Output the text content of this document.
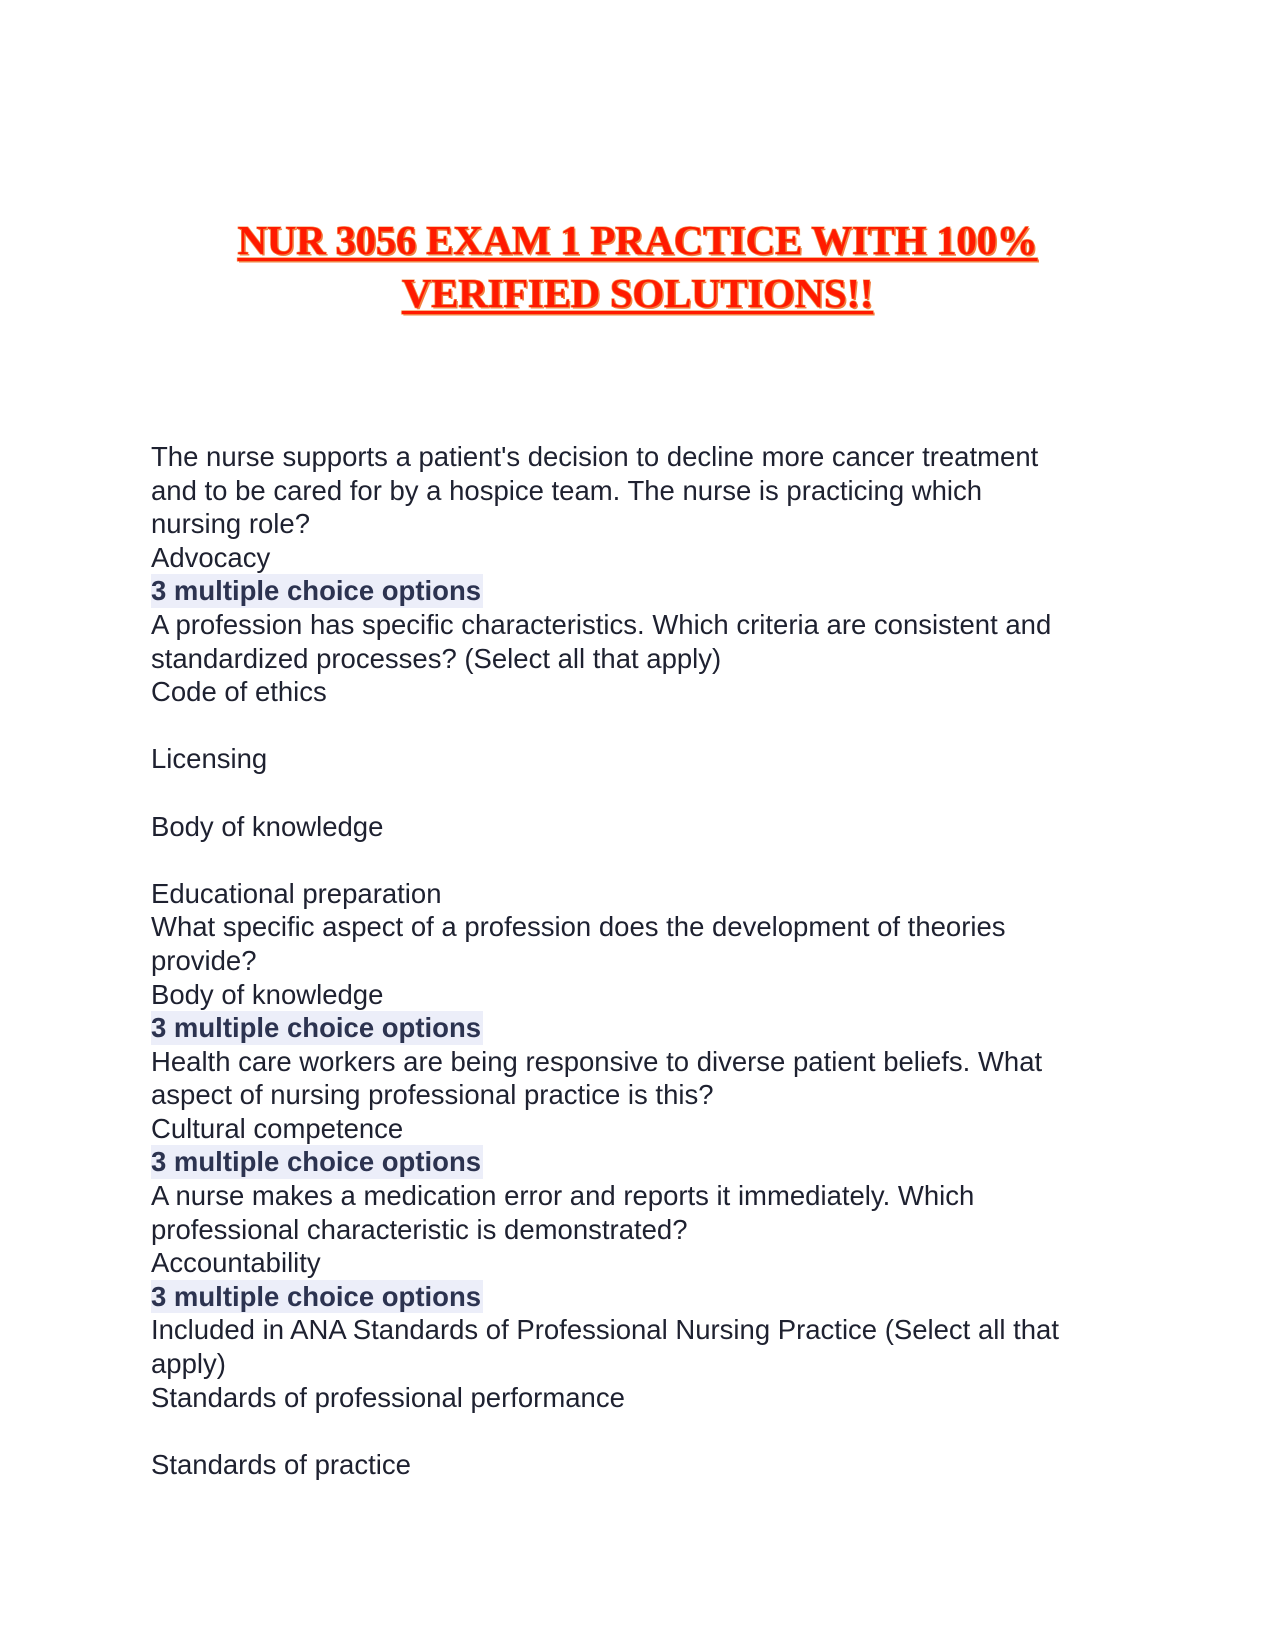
NUR 3056 EXAM 1 PRACTICE WITH 100%
VERIFIED SOLUTIONS!!
The nurse supports a patient's decision to decline more cancer treatment
and to be cared for by a hospice team. The nurse is practicing which
nursing role?
Advocacy
3 multiple choice options
A profession has specific characteristics. Which criteria are consistent and
standardized processes? (Select all that apply)
Code of ethics
Licensing
Body of knowledge
Educational preparation
What specific aspect of a profession does the development of theories
provide?
Body of knowledge
3 multiple choice options
Health care workers are being responsive to diverse patient beliefs. What
aspect of nursing professional practice is this?
Cultural competence
3 multiple choice options
A nurse makes a medication error and reports it immediately. Which
professional characteristic is demonstrated?
Accountability
3 multiple choice options
Included in ANA Standards of Professional Nursing Practice (Select all that
apply)
Standards of professional performance
Standards of practice
